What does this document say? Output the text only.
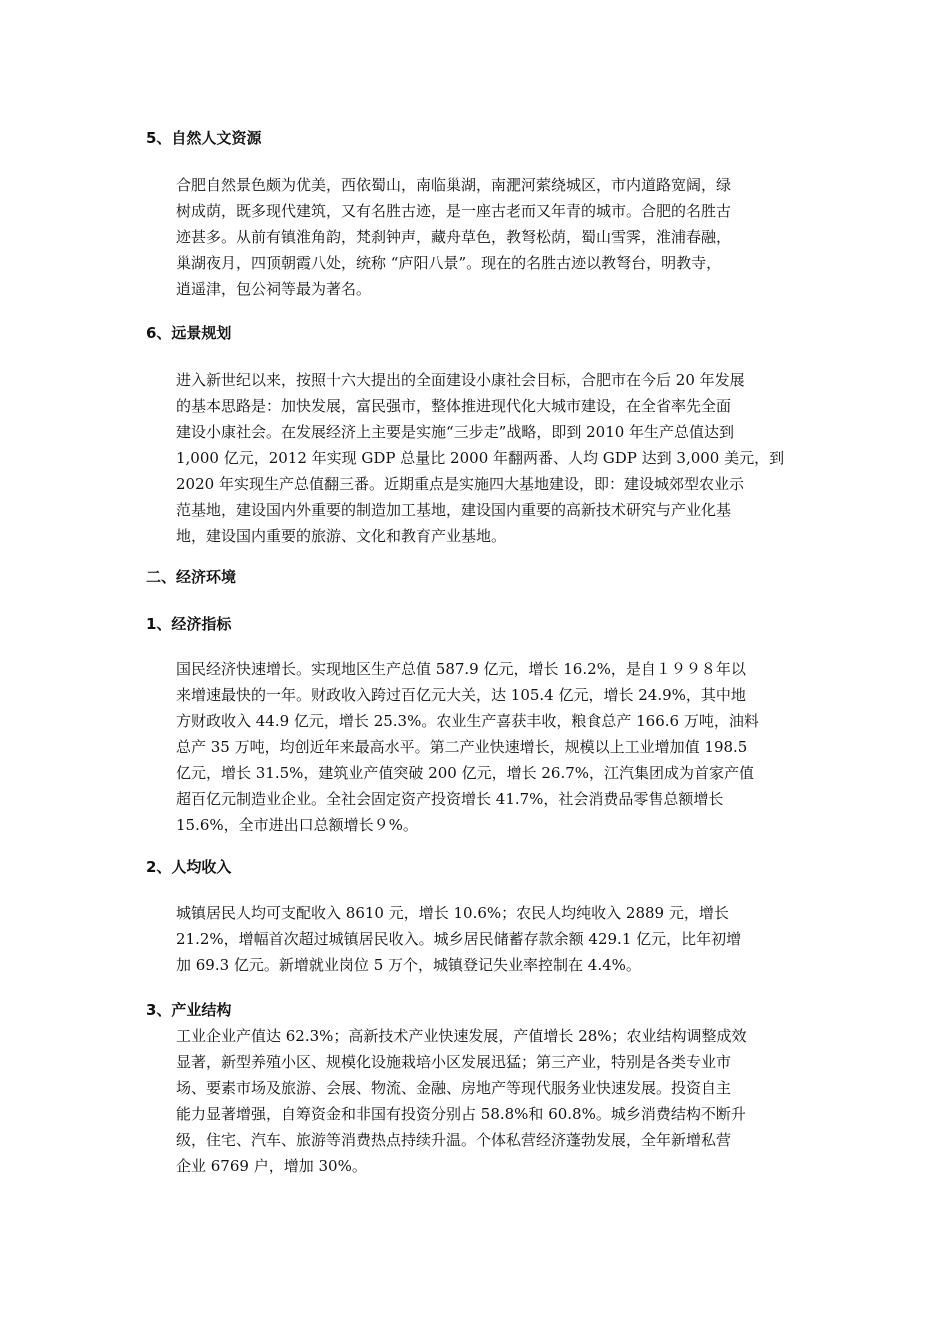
5、自然人文资源
合肥自然景色颇为优美，西依蜀山，南临巢湖，南淝河萦绕城区，市内道路宽阔，绿
树成荫，既多现代建筑，又有名胜古迹，是一座古老而又年青的城市。合肥的名胜古
迹甚多。从前有镇淮角韵，梵刹钟声，藏舟草色，教弩松荫，蜀山雪霁，淮浦春融，
巢湖夜月，四顶朝霞八处，统称 “庐阳八景”。现在的名胜古迹以教弩台，明教寺，
逍遥津，包公祠等最为著名。
6、远景规划
进入新世纪以来，按照十六大提出的全面建设小康社会目标，合肥市在今后 20 年发展
的基本思路是：加快发展，富民强市，整体推进现代化大城市建设，在全省率先全面
建设小康社会。在发展经济上主要是实施“三步走”战略，即到 2010 年生产总值达到
1,000 亿元，2012 年实现 GDP 总量比 2000 年翻两番、人均 GDP 达到 3,000 美元，到
2020 年实现生产总值翻三番。近期重点是实施四大基地建设，即：建设城郊型农业示
范基地，建设国内外重要的制造加工基地，建设国内重要的高新技术研究与产业化基
地，建设国内重要的旅游、文化和教育产业基地。
二、经济环境
1、经济指标
国民经济快速增长。实现地区生产总值 587.9 亿元，增长 16.2%，是自１９９８年以
来增速最快的一年。财政收入跨过百亿元大关，达 105.4 亿元，增长 24.9%，其中地
方财政收入 44.9 亿元，增长 25.3%。农业生产喜获丰收，粮食总产 166.6 万吨，油料
总产 35 万吨，均创近年来最高水平。第二产业快速增长，规模以上工业增加值 198.5
亿元，增长 31.5%，建筑业产值突破 200 亿元，增长 26.7%，江汽集团成为首家产值
超百亿元制造业企业。全社会固定资产投资增长 41.7%，社会消费品零售总额增长
15.6%，全市进出口总额增长９%。
2、人均收入
城镇居民人均可支配收入 8610 元，增长 10.6%；农民人均纯收入 2889 元，增长
21.2%，增幅首次超过城镇居民收入。城乡居民储蓄存款余额 429.1 亿元，比年初增
加 69.3 亿元。新增就业岗位 5 万个，城镇登记失业率控制在 4.4%。
3、产业结构
工业企业产值达 62.3%；高新技术产业快速发展，产值增长 28%；农业结构调整成效
显著，新型养殖小区、规模化设施栽培小区发展迅猛；第三产业，特别是各类专业市
场、要素市场及旅游、会展、物流、金融、房地产等现代服务业快速发展。投资自主
能力显著增强，自筹资金和非国有投资分别占 58.8%和 60.8%。城乡消费结构不断升
级，住宅、汽车、旅游等消费热点持续升温。个体私营经济蓬勃发展，全年新增私营
企业 6769 户，增加 30%。
